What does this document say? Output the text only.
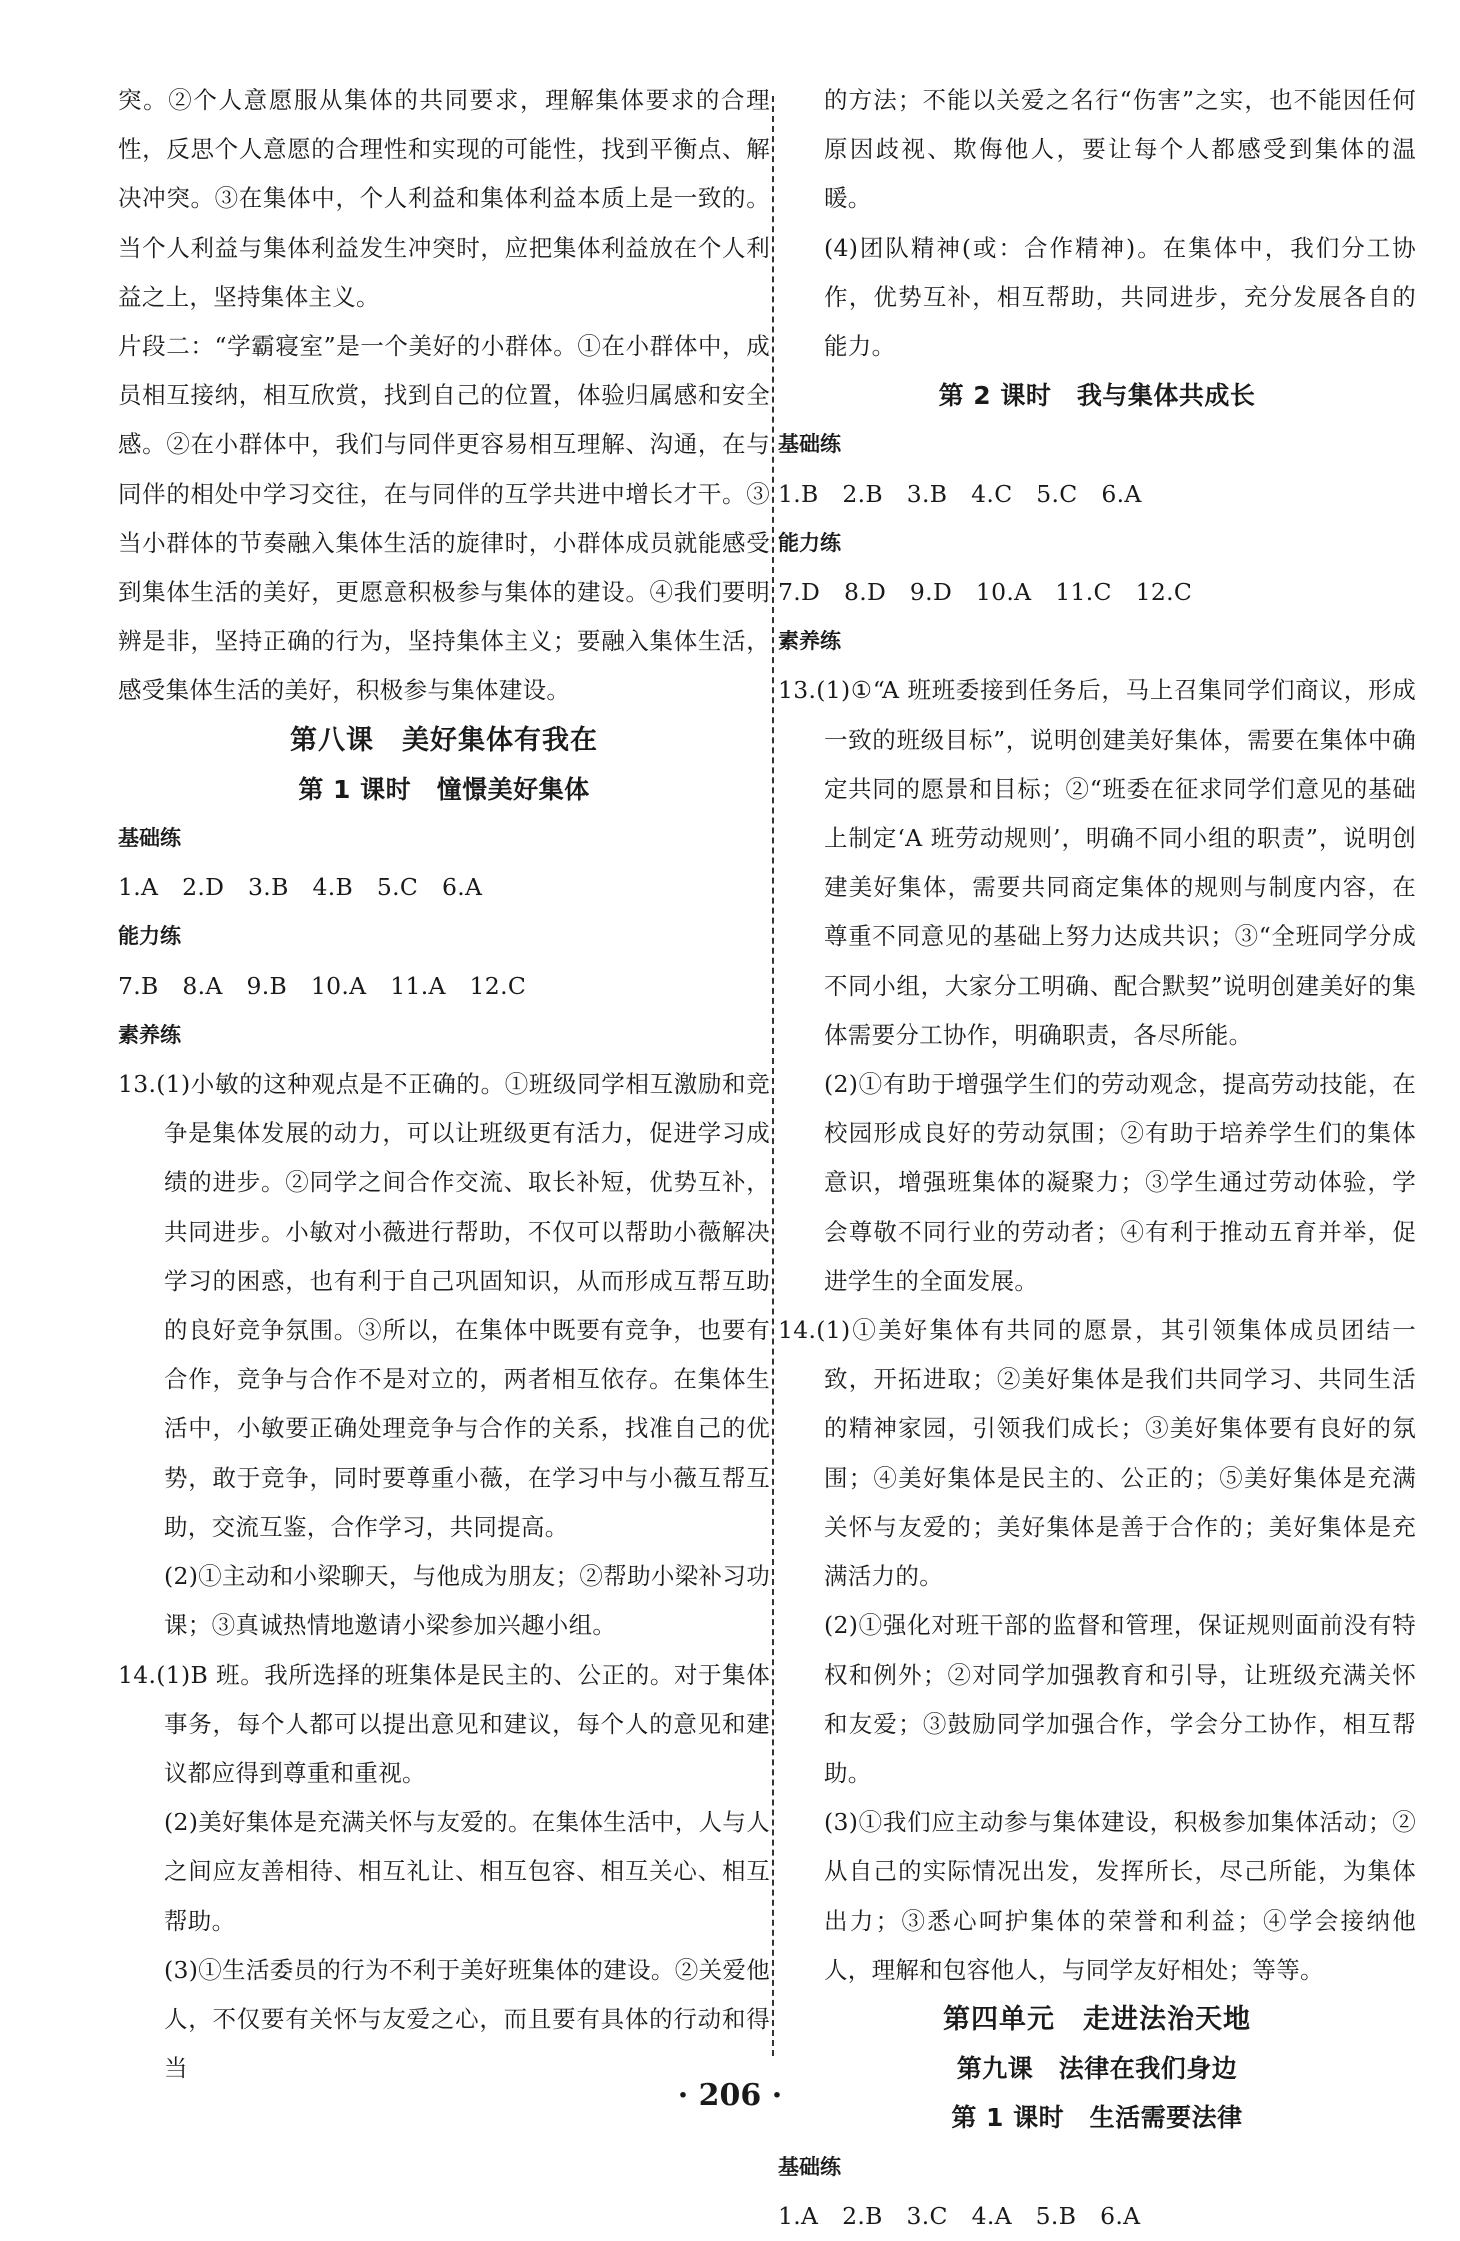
突。②个人意愿服从集体的共同要求，理解集体要求的合理性，反思个人意愿的合理性和实现的可能性，找到平衡点、解决冲突。③在集体中，个人利益和集体利益本质上是一致的。当个人利益与集体利益发生冲突时，应把集体利益放在个人利益之上，坚持集体主义。

片段二：“学霸寝室”是一个美好的小群体。①在小群体中，成员相互接纳，相互欣赏，找到自己的位置，体验归属感和安全感。②在小群体中，我们与同伴更容易相互理解、沟通，在与同伴的相处中学习交往，在与同伴的互学共进中增长才干。③当小群体的节奏融入集体生活的旋律时，小群体成员就能感受到集体生活的美好，更愿意积极参与集体的建设。④我们要明辨是非，坚持正确的行为，坚持集体主义；要融入集体生活，感受集体生活的美好，积极参与集体建设。

第八课　美好集体有我在

第 1 课时　憧憬美好集体

基础练

1.A　2.D　3.B　4.B　5.C　6.A

能力练

7.B　8.A　9.B　10.A　11.A　12.C

素养练

13.(1)小敏的这种观点是不正确的。①班级同学相互激励和竞争是集体发展的动力，可以让班级更有活力，促进学习成绩的进步。②同学之间合作交流、取长补短，优势互补，共同进步。小敏对小薇进行帮助，不仅可以帮助小薇解决学习的困惑，也有利于自己巩固知识，从而形成互帮互助的良好竞争氛围。③所以，在集体中既要有竞争，也要有合作，竞争与合作不是对立的，两者相互依存。在集体生活中，小敏要正确处理竞争与合作的关系，找准自己的优势，敢于竞争，同时要尊重小薇，在学习中与小薇互帮互助，交流互鉴，合作学习，共同提高。

(2)①主动和小梁聊天，与他成为朋友；②帮助小梁补习功课；③真诚热情地邀请小梁参加兴趣小组。

14.(1)B 班。我所选择的班集体是民主的、公正的。对于集体事务，每个人都可以提出意见和建议，每个人的意见和建议都应得到尊重和重视。

(2)美好集体是充满关怀与友爱的。在集体生活中，人与人之间应友善相待、相互礼让、相互包容、相互关心、相互帮助。

(3)①生活委员的行为不利于美好班集体的建设。②关爱他人，不仅要有关怀与友爱之心，而且要有具体的行动和得当

的方法；不能以关爱之名行“伤害”之实，也不能因任何原因歧视、欺侮他人，要让每个人都感受到集体的温暖。

(4)团队精神(或：合作精神)。在集体中，我们分工协作，优势互补，相互帮助，共同进步，充分发展各自的能力。

第 2 课时　我与集体共成长

基础练

1.B　2.B　3.B　4.C　5.C　6.A

能力练

7.D　8.D　9.D　10.A　11.C　12.C

素养练

13.(1)①“A 班班委接到任务后，马上召集同学们商议，形成一致的班级目标”，说明创建美好集体，需要在集体中确定共同的愿景和目标；②“班委在征求同学们意见的基础上制定‘A 班劳动规则’，明确不同小组的职责”，说明创建美好集体，需要共同商定集体的规则与制度内容，在尊重不同意见的基础上努力达成共识；③“全班同学分成不同小组，大家分工明确、配合默契”说明创建美好的集体需要分工协作，明确职责，各尽所能。

(2)①有助于增强学生们的劳动观念，提高劳动技能，在校园形成良好的劳动氛围；②有助于培养学生们的集体意识，增强班集体的凝聚力；③学生通过劳动体验，学会尊敬不同行业的劳动者；④有利于推动五育并举，促进学生的全面发展。

14.(1)①美好集体有共同的愿景，其引领集体成员团结一致，开拓进取；②美好集体是我们共同学习、共同生活的精神家园，引领我们成长；③美好集体要有良好的氛围；④美好集体是民主的、公正的；⑤美好集体是充满关怀与友爱的；美好集体是善于合作的；美好集体是充满活力的。

(2)①强化对班干部的监督和管理，保证规则面前没有特权和例外；②对同学加强教育和引导，让班级充满关怀和友爱；③鼓励同学加强合作，学会分工协作，相互帮助。

(3)①我们应主动参与集体建设，积极参加集体活动；②从自己的实际情况出发，发挥所长，尽己所能，为集体出力；③悉心呵护集体的荣誉和利益；④学会接纳他人，理解和包容他人，与同学友好相处；等等。

第四单元　走进法治天地

第九课　法律在我们身边

第 1 课时　生活需要法律

基础练

1.A　2.B　3.C　4.A　5.B　6.A

· 206 ·
